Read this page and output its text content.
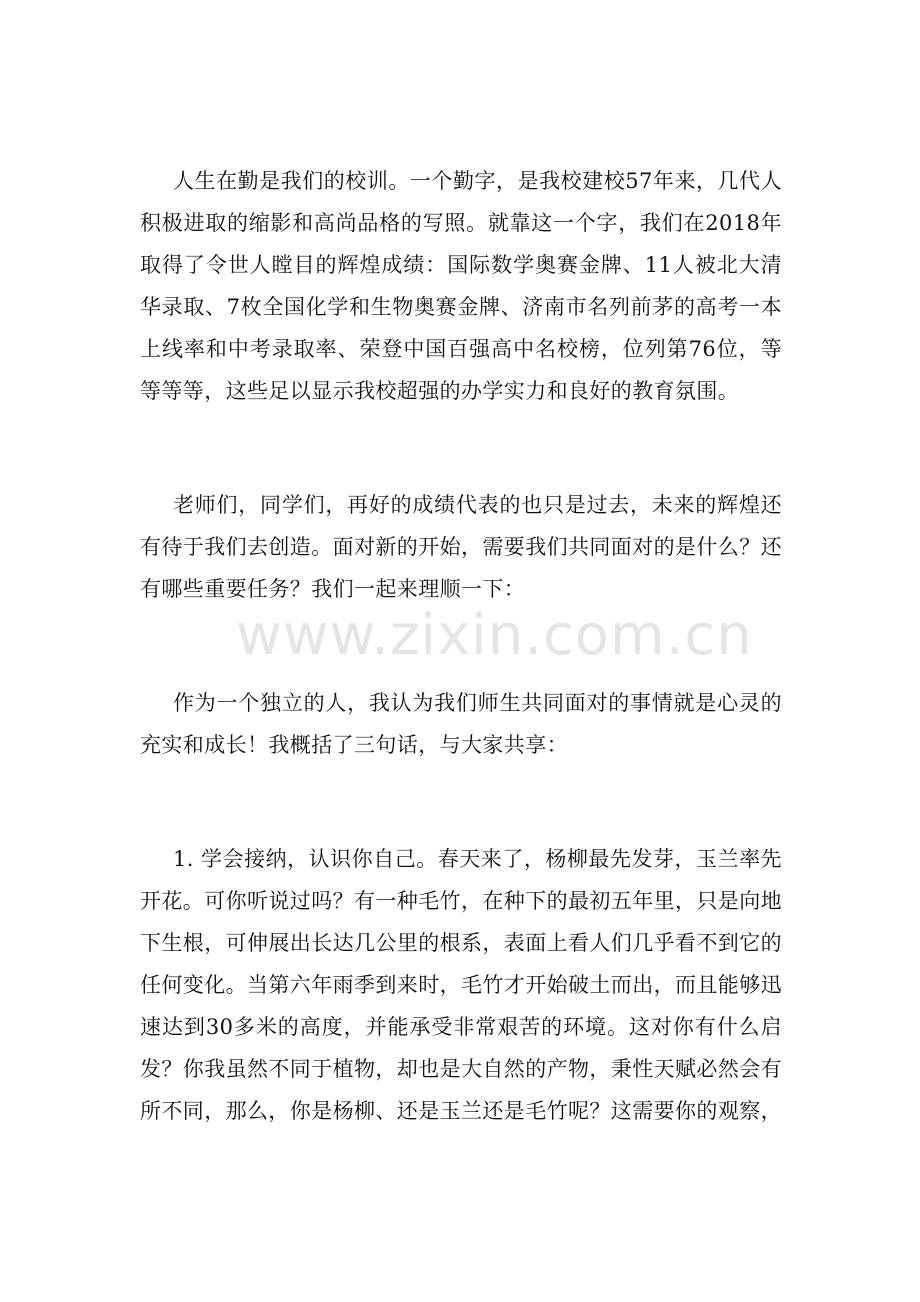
人生在勤是我们的校训。一个勤字，是我校建校57年来，几代人积极进取的缩影和高尚品格的写照。就靠这一个字，我们在2018年取得了令世人瞠目的辉煌成绩：国际数学奥赛金牌、11人被北大清华录取、7枚全国化学和生物奥赛金牌、济南市名列前茅的高考一本上线率和中考录取率、荣登中国百强高中名校榜，位列第76位，等等等等，这些足以显示我校超强的办学实力和良好的教育氛围。

老师们，同学们，再好的成绩代表的也只是过去，未来的辉煌还有待于我们去创造。面对新的开始，需要我们共同面对的是什么？还有哪些重要任务？我们一起来理顺一下：

作为一个独立的人，我认为我们师生共同面对的事情就是心灵的充实和成长！我概括了三句话，与大家共享：

1. 学会接纳，认识你自己。春天来了，杨柳最先发芽，玉兰率先开花。可你听说过吗？有一种毛竹，在种下的最初五年里，只是向地下生根，可伸展出长达几公里的根系，表面上看人们几乎看不到它的任何变化。当第六年雨季到来时，毛竹才开始破土而出，而且能够迅速达到30多米的高度，并能承受非常艰苦的环境。这对你有什么启发？你我虽然不同于植物，却也是大自然的产物，秉性天赋必然会有所不同，那么，你是杨柳、还是玉兰还是毛竹呢？这需要你的观察，

www.zixin.com.cn
